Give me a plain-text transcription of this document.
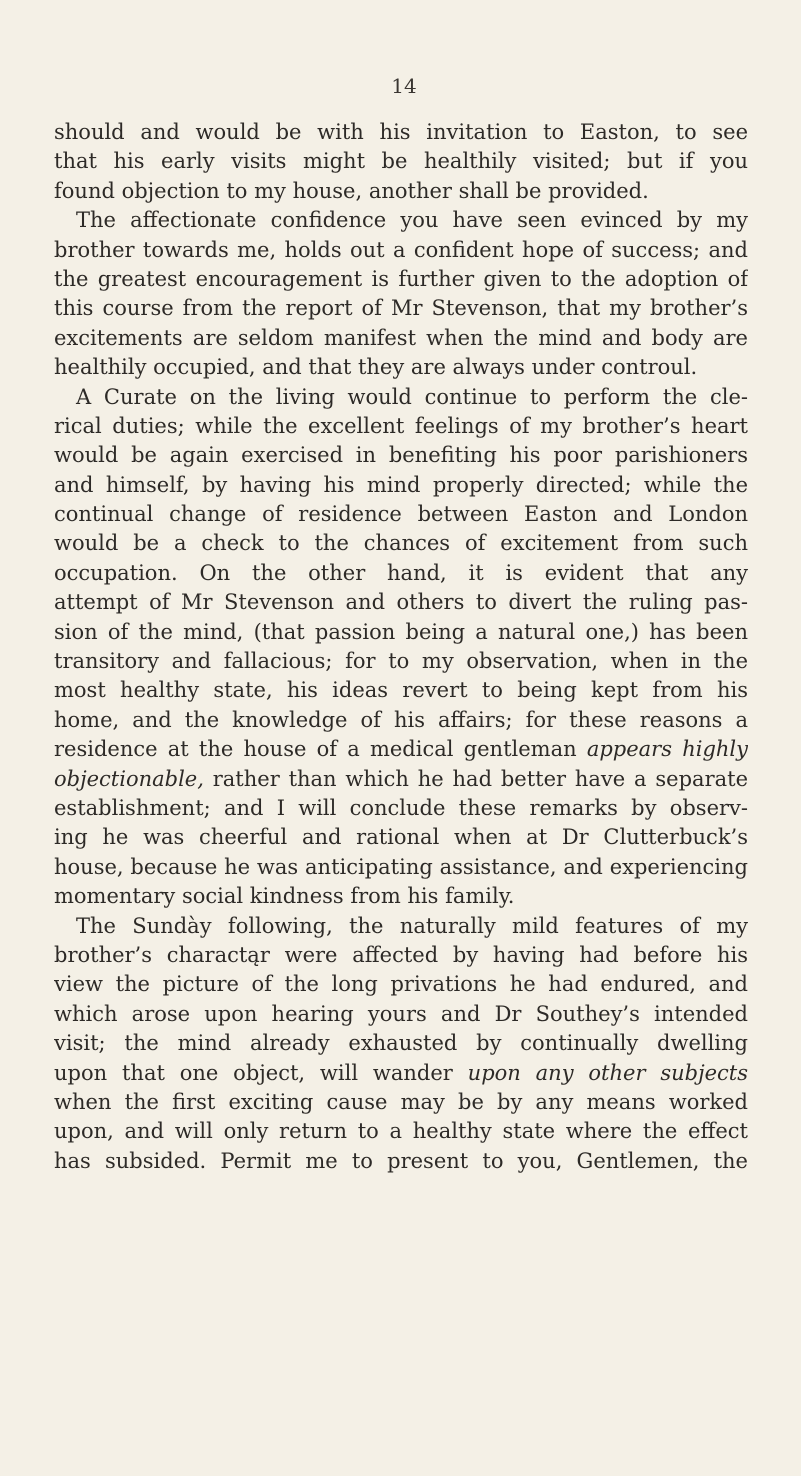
14
should and would be with his invitation to Easton, to see
that his early visits might be healthily visited; but if you
found objection to my house, another shall be provided.
The affectionate confidence you have seen evinced by my
brother towards me, holds out a confident hope of success; and
the greatest encouragement is further given to the adoption of
this course from the report of Mr Stevenson, that my brother’s
excitements are seldom manifest when the mind and body are
healthily occupied, and that they are always under controul.
A Curate on the living would continue to perform the cle-
rical duties; while the excellent feelings of my brother’s heart
would be again exercised in benefiting his poor parishioners
and himself, by having his mind properly directed; while the
continual change of residence between Easton and London
would be a check to the chances of excitement from such
occupation. On the other hand, it is evident that any
attempt of Mr Stevenson and others to divert the ruling pas-
sion of the mind, (that passion being a natural one,) has been
transitory and fallacious; for to my observation, when in the
most healthy state, his ideas revert to being kept from his
home, and the knowledge of his affairs; for these reasons a
residence at the house of a medical gentleman appears highly
objectionable, rather than which he had better have a separate
establishment; and I will conclude these remarks by observ-
ing he was cheerful and rational when at Dr Clutterbuck’s
house, because he was anticipating assistance, and experiencing
momentary social kindness from his family.
The Sundày following, the naturally mild features of my
brother’s charactąr were affected by having had before his
view the picture of the long privations he had endured, and
which arose upon hearing yours and Dr Southey’s intended
visit; the mind already exhausted by continually dwelling
upon that one object, will wander upon any other subjects
when the first exciting cause may be by any means worked
upon, and will only return to a healthy state where the effect
has subsided. Permit me to present to you, Gentlemen, the
